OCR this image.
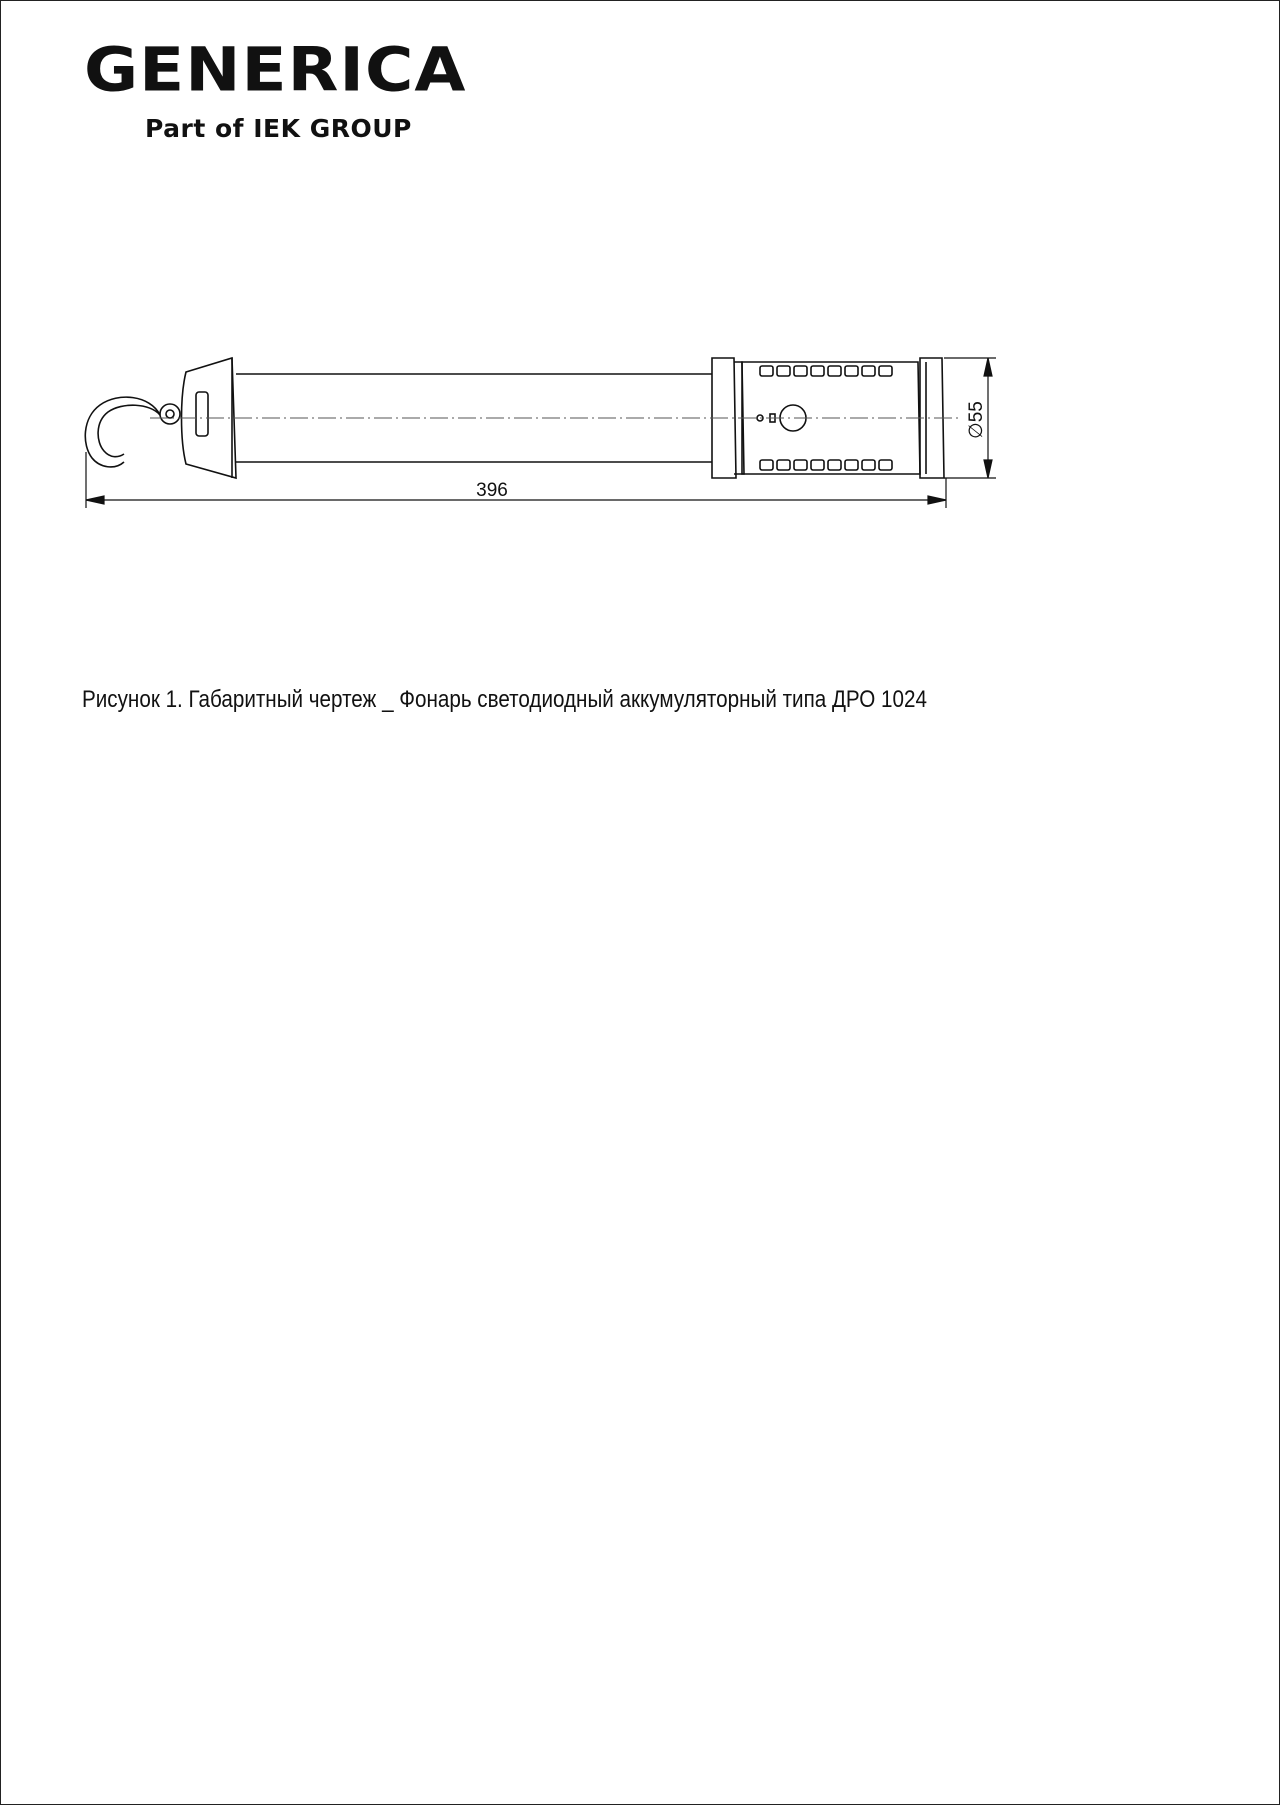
GENERICA
Part of IEK GROUP
396
∅55
Рисунок 1. Габаритный чертеж _ Фонарь светодиодный аккумуляторный типа ДРО 1024
